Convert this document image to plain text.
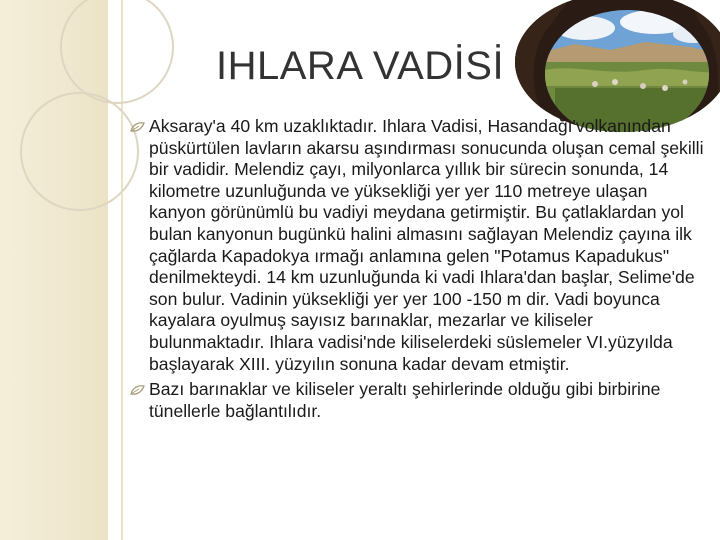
IHLARA VADİSİ
Aksaray'a 40 km uzaklıktadır. Ihlara Vadisi, Hasandağı'volkanından püskürtülen lavların akarsu aşındırması sonucunda oluşan cemal şekilli bir vadidir. Melendiz çayı, milyonlarca yıllık bir sürecin sonunda, 14 kilometre uzunluğunda ve yüksekliği yer yer 110 metreye ulaşan kanyon görünümlü bu vadiyi meydana getirmiştir. Bu çatlaklardan yol bulan kanyonun bugünkü halini almasını sağlayan Melendiz çayına ilk çağlarda Kapadokya ırmağı anlamına gelen "Potamus Kapadukus" denilmekteydi. 14 km uzunluğunda ki vadi Ihlara'dan başlar, Selime'de son bulur. Vadinin yüksekliği yer yer 100 -150 m dir. Vadi boyunca kayalara oyulmuş sayısız barınaklar, mezarlar ve kiliseler bulunmaktadır. Ihlara vadisi'nde kiliselerdeki süslemeler VI.yüzyılda başlayarak XIII. yüzyılın sonuna kadar devam etmiştir.
Bazı barınaklar ve kiliseler yeraltı şehirlerinde olduğu gibi birbirine tünellerle bağlantılıdır.
